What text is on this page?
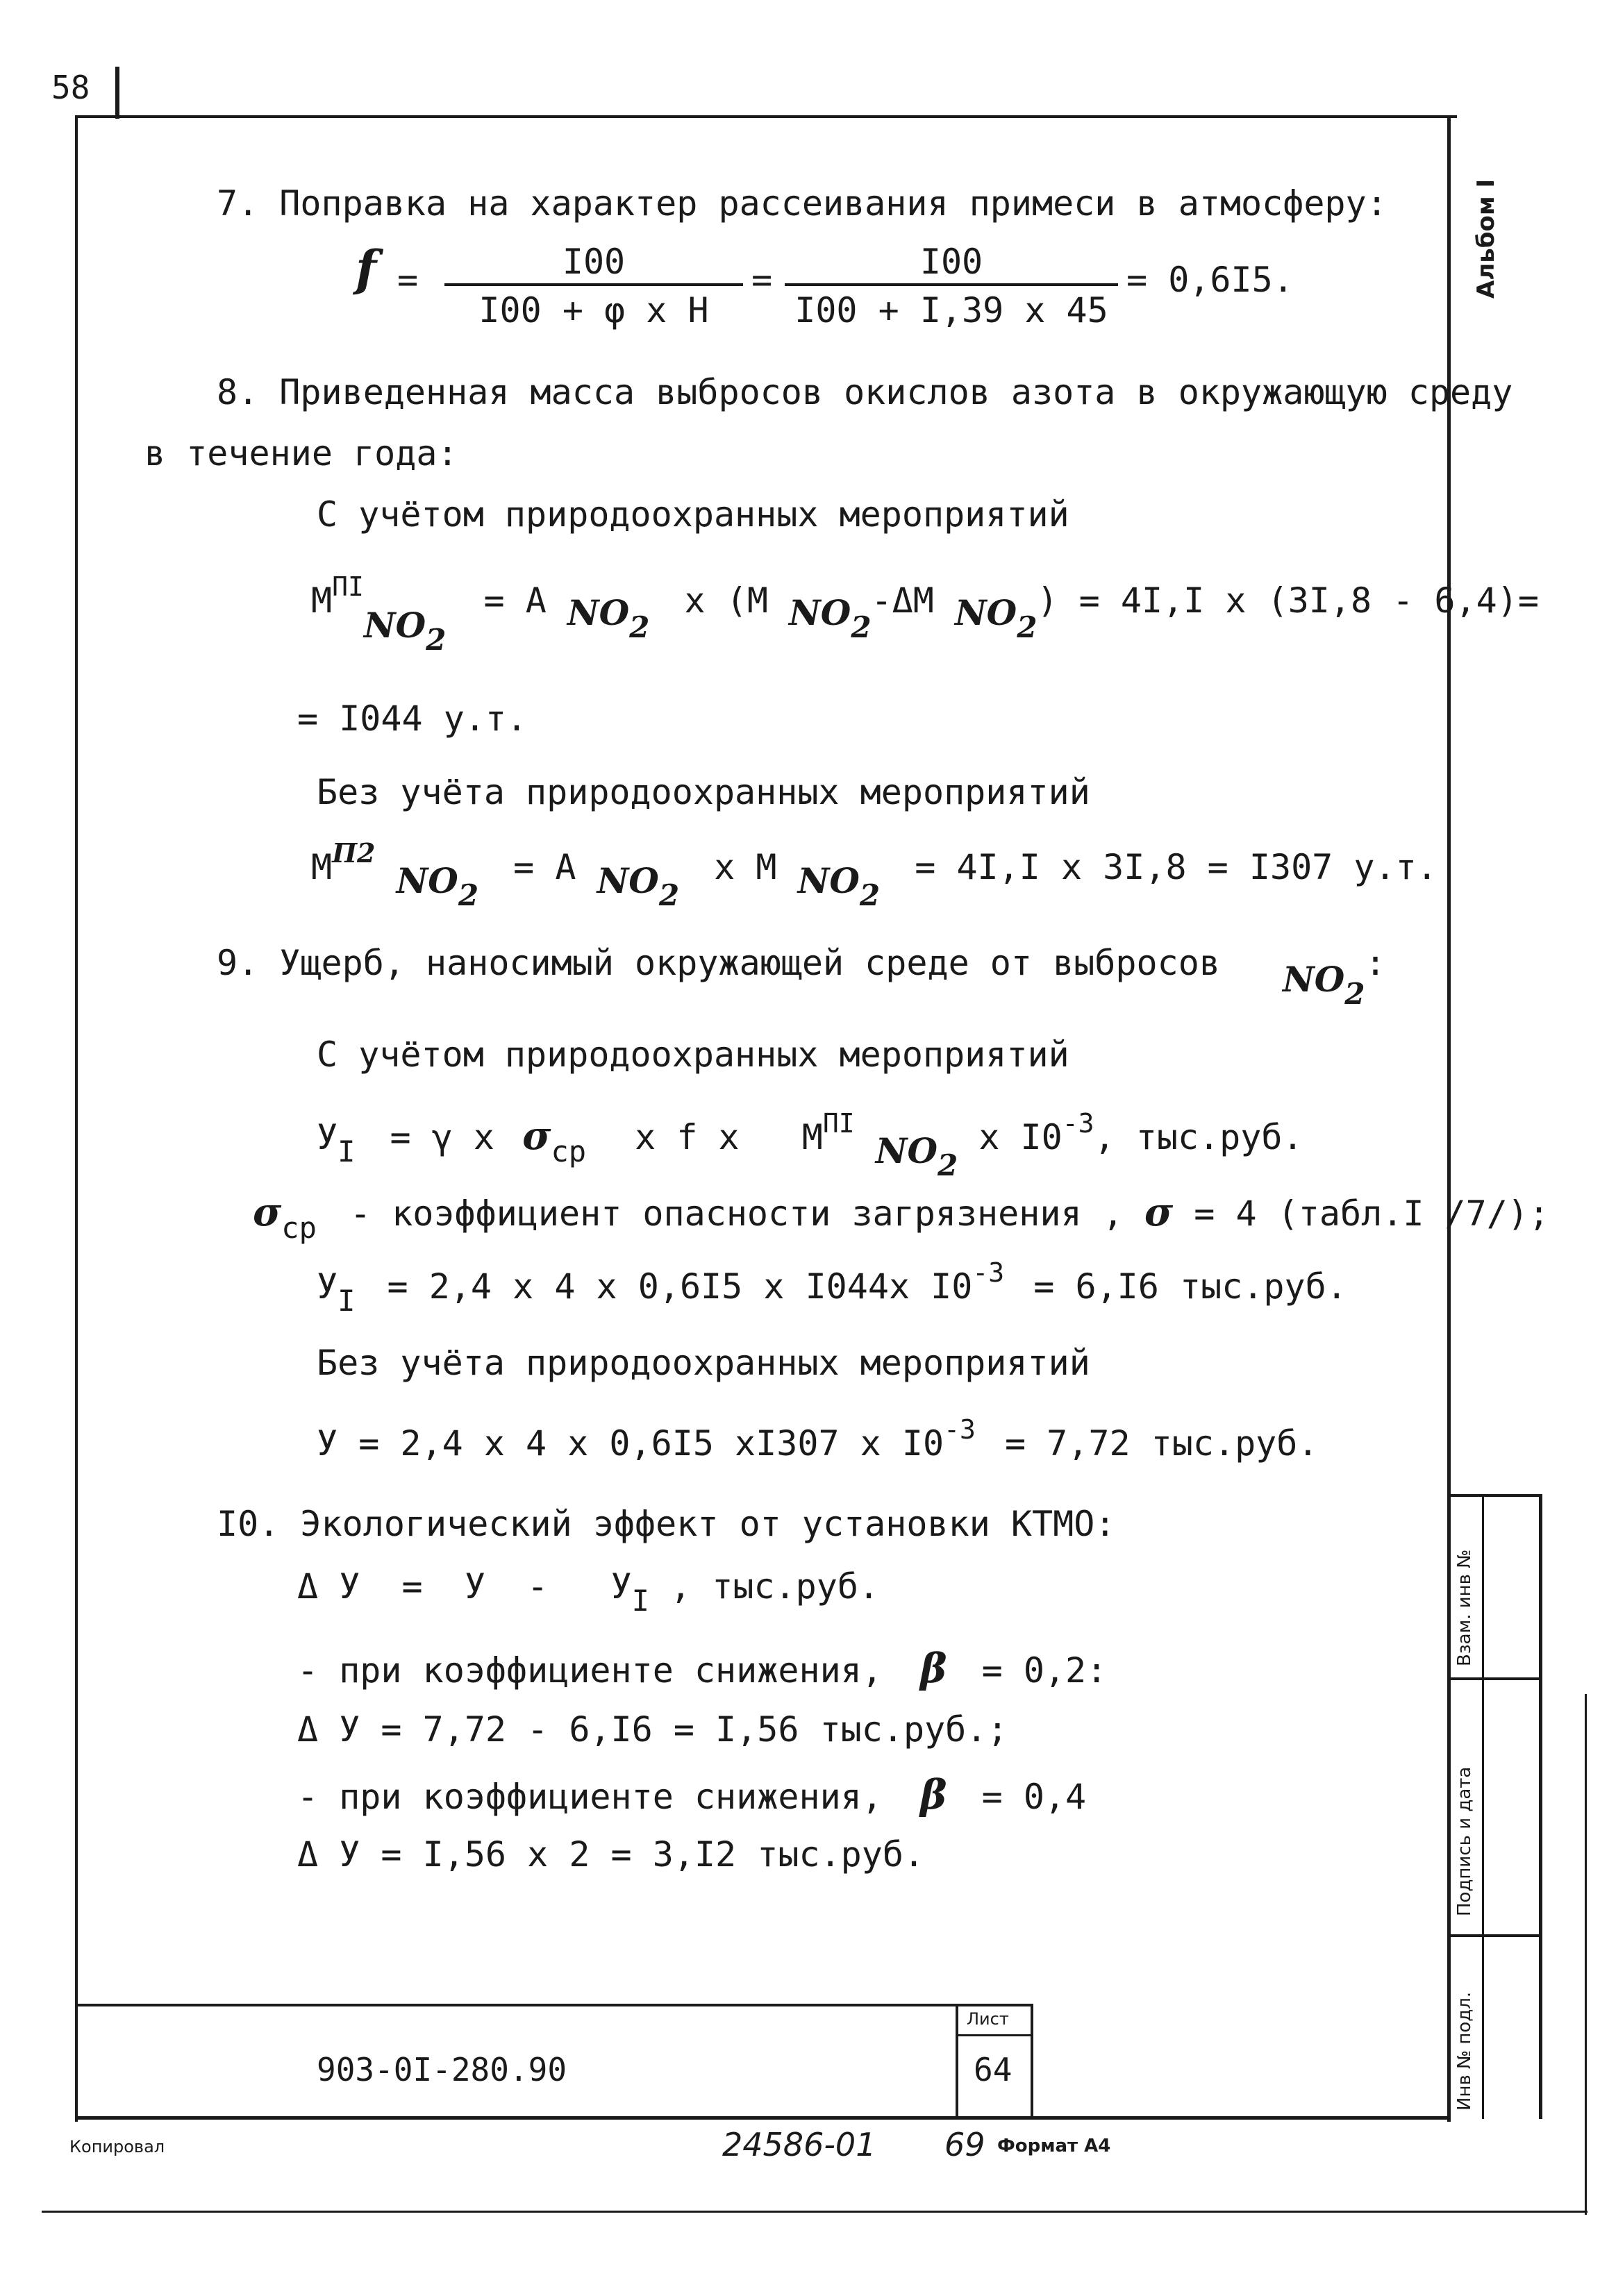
58
Альбом I
7. Поправка на характер рассеивания примеси в атмосферу:
$f = \frac{I00}{\text{I00 + φ x H}} = \frac{I00}{I00 + I,39 x 45} = 0,6I5$.
8. Приведенная масса выбросов окислов азота в окружающую среду
в течение года:
С учётом природоохранных мероприятий
$М^{ПI}NO_2 = А$ $NO_2$ x (М $NO_2-\Delta М$ $NO_2) = 4I,I$ x (3I,8 - 6,4)=
= I044 у.т.
Без учёта природоохранных мероприятий
$М^{П2}$ $NO_2 = А$ $NO_2$ x М $NO_2 = 4I,I$ x 3I,8 = I307 у.т.
9. Ущерб, наносимый окружающей среде от выбросов $NO_2$:
С учётом природоохранных мероприятий
$У_I = \gamma$ x $\sigma_{ср}$ x f x $М^{ПI}$ $NO_2$ x $I0^{-3}$, тыс.руб.
$\sigma_{ср}$ - коэффициент опасности загрязнения , σ = 4 (табл.I /7/);
$У_I = 2,4$ x 4 x 0,6I5 x I044x $I0^{-3} = 6,I6$ тыс.руб.
Без учёта природоохранных мероприятий
У = 2,4 x 4 x 0,6I5 xI307 x $I0^{-3} = 7,72$ тыс.руб.
I0. Экологический эффект от установки КТМО:
Δ $У = У - У_I$ , тыс.руб.
- при коэффициенте снижения, β = 0,2:
Δ У = 7,72 - 6,I6 = I,56 тыс.руб.;
- при коэффициенте снижения, β = 0,4
Δ У = I,56 x 2 = 3,I2 тыс.руб.
903-0I-280.90
Лист
64
Взам. инв №
Подпись и дата
Инв № подл.
Копировал	24586-01 69 Формат А4
